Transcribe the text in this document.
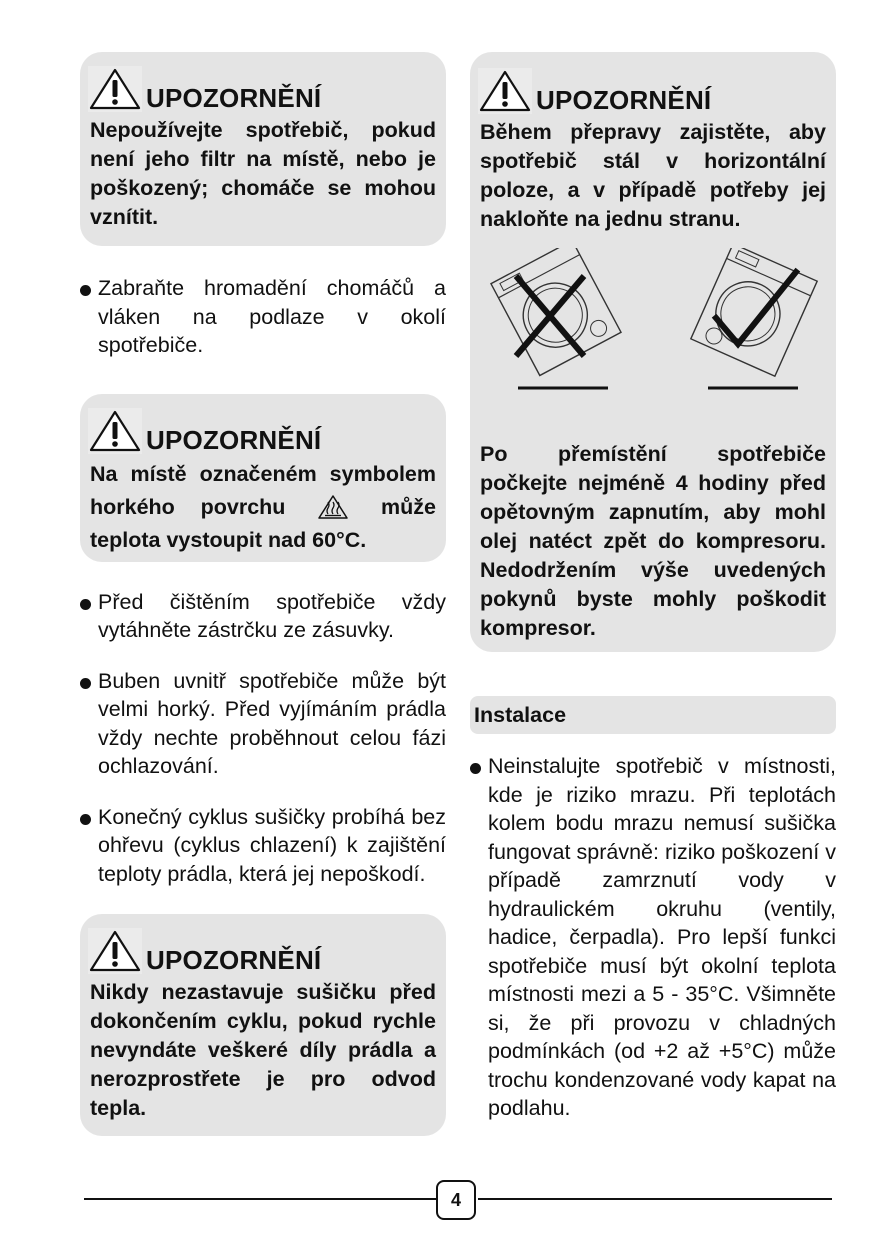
UPOZORNĚNÍ
Nepoužívejte spotřebič, pokud není jeho filtr na místě, nebo je poškozený; chomáče se mohou vznítit.
Zabraňte hromadění chomáčů a vláken na podlaze v okolí spotřebiče.
UPOZORNĚNÍ
Na místě označeném symbolem horkého povrchu	může teplota vystoupit nad 60°C.
Před čištěním spotřebiče vždy vytáhněte zástrčku ze zásuvky.
Buben uvnitř spotřebiče může být velmi horký. Před vyjímáním prádla vždy nechte proběhnout celou fázi ochlazování.
Konečný cyklus sušičky probíhá bez ohřevu (cyklus chlazení) k zajištění teploty prádla, která jej nepoškodí.
UPOZORNĚNÍ
Nikdy nezastavuje sušičku před dokončením cyklu, pokud rychle nevyndáte veškeré díly prádla a nerozprostřete je pro odvod tepla.
UPOZORNĚNÍ
Během přepravy zajistěte, aby spotřebič stál v horizontální poloze, a v případě potřeby jej nakloňte na jednu stranu.
Po přemístění spotřebiče počkejte nejméně 4 hodiny před opětovným zapnutím, aby mohl olej natéct zpět do kompresoru. Nedodržením výše uvedených pokynů byste mohly poškodit kompresor.
Instalace
Neinstalujte spotřebič v místnosti, kde je riziko mrazu. Při teplotách kolem bodu mrazu nemusí sušička fungovat správně: riziko poškození v případě zamrznutí vody v hydraulickém okruhu (ventily, hadice, čerpadla). Pro lepší funkci spotřebiče musí být okolní teplota místnosti mezi a 5 - 35°C. Všimněte si, že při provozu v chladných podmínkách (od +2 až +5°C) může trochu kondenzované vody kapat na podlahu.
4
